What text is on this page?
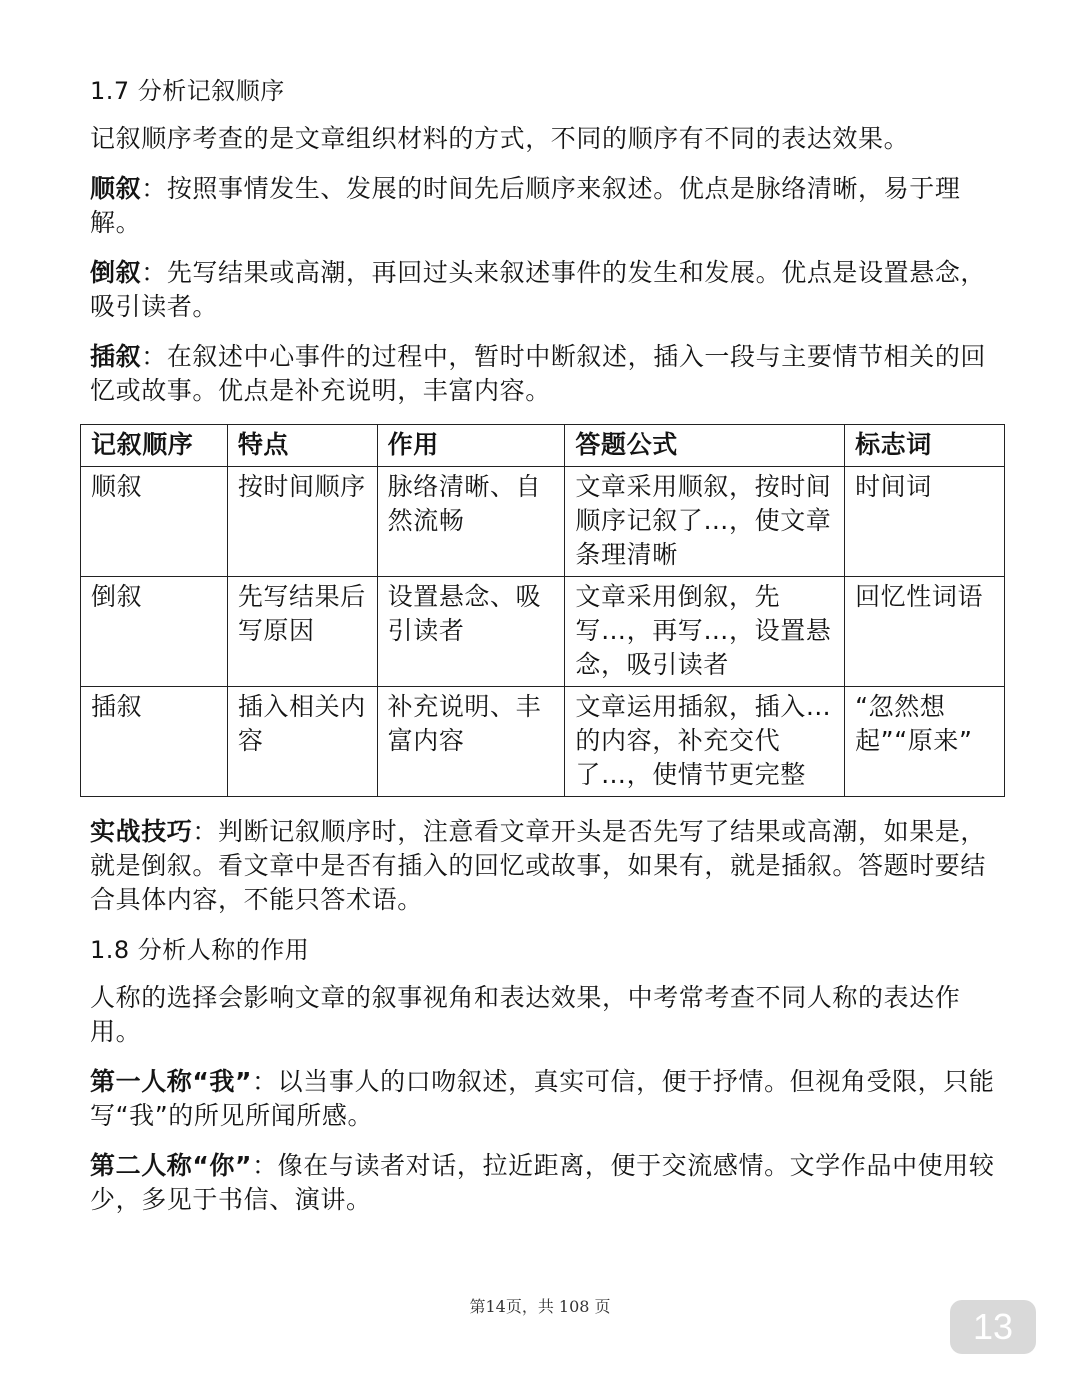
1.7 分析记叙顺序

记叙顺序考查的是文章组织材料的方式，不同的顺序有不同的表达效果。

顺叙：按照事情发生、发展的时间先后顺序来叙述。优点是脉络清晰，易于理解。

倒叙：先写结果或高潮，再回过头来叙述事件的发生和发展。优点是设置悬念，吸引读者。

插叙：在叙述中心事件的过程中，暂时中断叙述，插入一段与主要情节相关的回忆或故事。优点是补充说明，丰富内容。

记叙顺序	特点	作用	答题公式	标志词
顺叙	按时间顺序	脉络清晰、自然流畅	文章采用顺叙，按时间顺序记叙了…，使文章条理清晰	时间词
倒叙	先写结果后写原因	设置悬念、吸引读者	文章采用倒叙，先写…，再写…，设置悬念，吸引读者	回忆性词语
插叙	插入相关内容	补充说明、丰富内容	文章运用插叙，插入…的内容，补充交代了…，使情节更完整	“忽然想起”“原来”

实战技巧：判断记叙顺序时，注意看文章开头是否先写了结果或高潮，如果是，就是倒叙。看文章中是否有插入的回忆或故事，如果有，就是插叙。答题时要结合具体内容，不能只答术语。

1.8 分析人称的作用

人称的选择会影响文章的叙事视角和表达效果，中考常考查不同人称的表达作用。

第一人称“我”：以当事人的口吻叙述，真实可信，便于抒情。但视角受限，只能写“我”的所见所闻所感。

第二人称“你”：像在与读者对话，拉近距离，便于交流感情。文学作品中使用较少，多见于书信、演讲。

第14页，共 108 页	13
